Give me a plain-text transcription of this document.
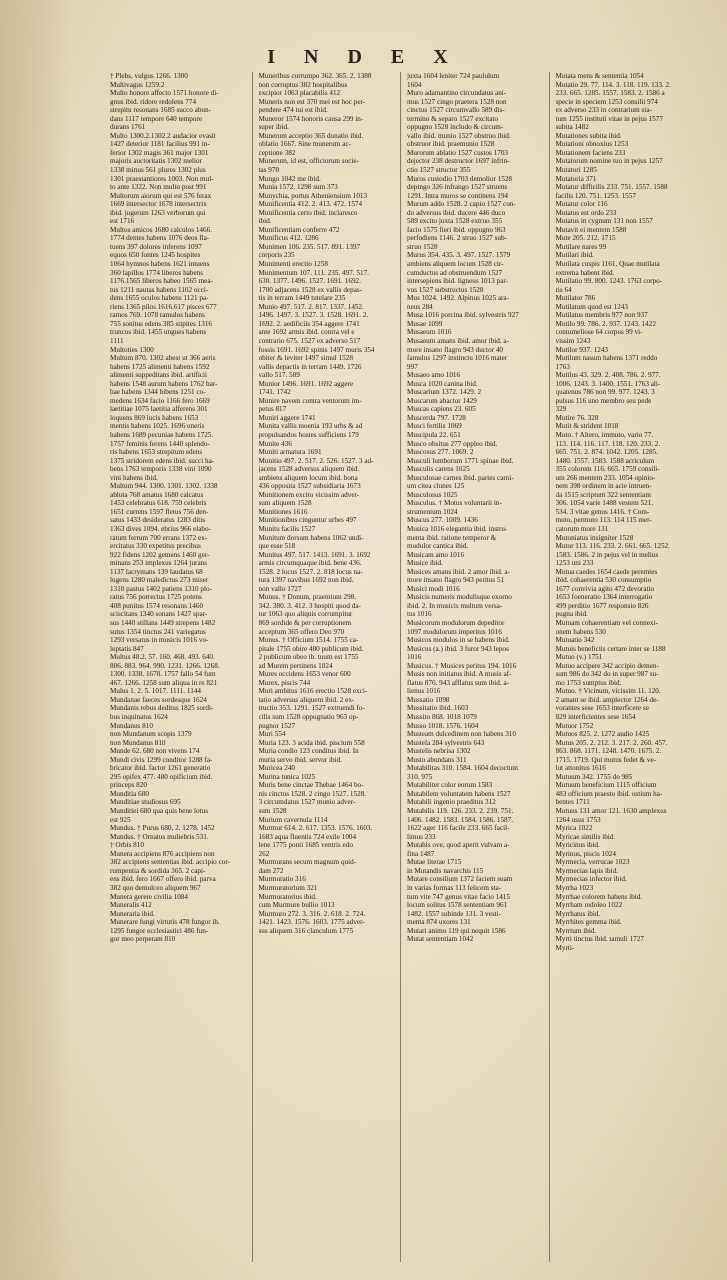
I N D E X
† Plebs, vulgus 1266. 1300
Multivagus 1259.2
Multo honore affecto 1571 honore di-
gnus ibid. ridore redolens 774
strepitu resonans 1685 succo abun-
dans 1117 tempore 640 tempore
durans 1761
Multo 1300.2.1302.2 audacior evasit
1427 deterior 1181 facilius 991 in-
ferior 1302 magis 361 major 1301
majoris auctoritatis 1302 melior
1338 minus 561 plures 1302 plus
1301 praestantiores 1003. Non mul-
to ante 1322. Non multo post 991
Multorum aiorum qui est 576 ferax
1669 intersector 1678 intersectrix
ibid. jugerum 1263 verborum qui
est 1716
Multos amicos 1680 calculos 1466.
1774 dentes habens 1076 deos fla-
tuens 397 dolores inferens 1097
equos 650 fontes 1245 hospites
1064 hymnos habens 1621 intuens
360 lapillos 1774 liberos habens
1176.1565 liberos habeo 1565 mea-
tus 1211 nautas habens 1102 occi-
dens 1655 oculos habens 1121 pa-
riens 1365 pilos 1616.617 pisces 677
ramos 769. 1078 ramulos habens
755 sonitus edens 385 stipites 1316
truncos ibid. 1455 ungues habens
1111
Multoties 1300
Multum 870. 1302 abest ut 366 aeris
habens 1725 alimenti habens 1592
alimenti suppeditans ibid. artificii
habens 1548 aurum habens 1762 bar-
bae habens 1344 bibens 1251 co-
medens 1634 facio 1166 fero 1669
laetitiae 1075 laetitia afferens 301
loquens 869 lucis habens 1653
mentis habens 1025. 1696 oneris
habens 1689 pecuniae habens 1725.
1757 feminis ferens 1440 splendo-
ris habens 1653 strepitum edens
1375 stridorem edens ibid. succi ha-
bens 1763 temporis 1338 vini 1090
vini habens ibid.
Multum 944. 1300. 1301. 1302. 1338
abluta 768 amatus 1680 calcatus
1453 celebratus 618. 759 celebris
1651 currens 1597 fletus 756 den-
satus 1433 desideratus 1283 ditis
1363 dives 1094. ebrius 966 elabo-
ratum ferrum 700 errans 1372 ex-
ercitatus 330 expetitus precibus
922 fidens 1202 gemens 1460 ger-
minans 253 implexus 1264 jurans
1137 lacrymans 139 laudatus 68
lugens 1280 maledictus 273 miser
1310 pastus 1402 patiens 1310 plo-
ratus 756 porrectus 1725 potens
408 punitus 1574 resonans 1460
sciscitans 1340 sonans 1427 spar-
sus 1440 stillans 1449 strepens 1482
sutus 1354 tinctus 241 variegatus
1293 versatus in musicis 1016 vo-
luptatis 847
Multus 48.2. 57. 160. 468. 493. 640.
806. 883. 964. 990. 1231. 1266. 1268.
1300. 1338. 1678. 1757 fallo 54 fum
467. 1266. 1258 sum aliqua in re 821
Mulus 1. 2. 5. 1017. 1111. 1144
Mundanae faeces sordesque 1624
Mundanis rebus deditus 1825 sordi-
bus inquinatus 1624
Mundanus 810
non Mundanum scopis 1379
non Mundanus 810
Munde 62. 680 non vivens 174
Mundi civis 1299 conditor 1288 fa-
bricator ibid. factor 1261 generatio
295 opifex 477. 480 opificium ibid.
princeps 820
Munditia 680
Munditiae studiosus 695
Munditiei 680 qua quis bene lotus
est 925
Mundus. † Purus 680, 2. 1278. 1452
Mundus. † Ornatus muliebris 531.
† Orbis 810
Munera accipiens 876 accipiens non
382 accipiens sententias ibid. accipio cor-
rumpentia & sordida 365. 2 capi-
ens ibid. fero 1667 offero ibid. parva
382 quo demulceo aliquem 967
Munera gerere civilia 1084
Muneralis 412
Muneraria ibid.
Munerare fungi virtutis 478 fungor ib.
1295 fungor ecclesiastici 486 fun-
gor meo perperam 810
Muneribus corrumpo 362. 365. 2. 1388
non corruptus 382 hospitalibus
excipior 1063 placabilis 412
Muneris non est 370 mei est hoc per-
pendere 474 tui est ibid.
Muneror 1574 honoris causa 299 in-
super ibid.
Munerum acceptio 365 donatio ibid.
oblatio 1667. Sine munerum ac-
ceptione 382
Munerum, id est, officiorum socie-
tas 970
Mungo 1042 me ibid.
Munia 1572. 1298 sum 373
Munychia, portus Atheniensium 1013
Munificentia 412. 2. 413. 472. 1574
Munificentia certo ibid. inclaresco
ibid.
Munificentiam conferre 472
Munificus 412. 1286
Munimen 106. 235. 517. 891. 1397
corporis 235
Munimenti erectio 1258
Munimentum 107. 111. 235. 497. 517.
630. 1377. 1496. 1527. 1691. 1692.
1700 adjacens 1528 ex vallis depas-
tis in terram 1449 tutelare 235
Munio 497. 517. 2. 817. 1337. 1452.
1496. 1497. 3. 1527. 3. 1528. 1691. 2.
1692. 2. aedificiis 354 aggere 1741
ante 1692 armis ibid. contra vel e
contrario 675. 1527 ex adverso 517
fossis 1691. 1692 spinis 1497 muris 354
obiter & leviter 1497 simul 1528
vallis depactis in terram 1449. 1726
vallo 517. 589
Munior 1496. 1691. 1692 aggere
1741. 1742
Munire navem contra ventorum im-
petus 817
Muniri aggere 1741
Munita vallis moenia 193 urbs & ad
propulsandos hostes sufficiens 179
Munite 436
Muniti armatura 1691
Munitio 497. 2. 517. 2. 526. 1527. 3 ad-
jacens 1528 adversus aliquem ibid.
ambiens aliquem locum ibid. bona
436 opposita 1527 subsidiaria 1673
Munitionem excito vicissim adver-
sum aliquem 1528
Munitiones 1616
Munitionibus cinguntur urbes 497
Munitu facilis 1527
Munitum dorsum habens 1062 undi-
que esse 518
Munitus 497. 517. 1413. 1691. 3. 1692
armis circumquaque ibid. bene 436.
1528. 2 locus 1527. 2. 818 locus na-
tura 1397 navibus 1692 non ibid.
non vallo 1727
Munus. † Donum, praemium 298.
342. 380. 3. 412. 3 hospiti quod da-
tur 1063 quo aliquis corrumpitur
869 sordide & per corruptionem
acceptum 365 offero Deo 970
Munus. † Officium 1514. 1755 ca-
pitale 1755 obire 480 publicum ibid.
2 publicum obeo ib. tuum est 1755
ad Murem pertinens 1024
Mures occidens 1653 venor 600
Murex, piscis 744
Muri ambitus 1616 erectio 1528 exci-
tatio adversus aliquem ibid. 2 ex-
tructio 353. 1291. 1527 extruendi fo-
cilis sum 1528 oppugnatio 963 op-
pugnor 1527
Muri 554
Muria 123. 3 acida ibid. piscium 558
Muria condio 123 conditus ibid. In
muria servo ibid. servor ibid.
Muricea 240
Murina tunica 1025
Muris bene cinctae Thebae 1464 bo-
nis cinctus 1528. 2 cingo 1527. 1528.
3 circumdatus 1527 munio adver-
sum 1528
Murium cavernula 1114
Murmur 614. 2. 617. 1353. 1576. 1603.
1683 aqua fluentis 724 exile 1004
lene 1775 ponti 1685 ventris edo
262
Murmurans secum magnum quid-
dam 272
Murmuratio 316
Murmuratorium 321
Murmuratorius ibid.
cum Murmure bullio 1013
Murmuro 272. 3. 316. 2. 618. 2. 724.
1421. 1423. 1576. 1603. 1775 adver-
sus aliquem 316 clanculum 1775
juxta 1604 leniter 724 paululum
1604
Muro adamantino circundatus ani-
mus 1527 cingo praetera 1528 non
cinctus 1527 circumvallo 589 dis-
termino & separo 1527 excitato
oppugno 1528 includo & circum-
vallo ibid. munio 1527 obstruo ibid.
obstruor ibid. praemunio 1528
Murorum ablatio 1527 custos 1703
dejector 238 destructor 1697 infrin-
ctio 1527 structor 355
Muros custodio 1703 demolior 1528
depingo 326 infrango 1527 struens
1291. Intra muros se continens 194
Murum addo 1528. 2 capio 1527 con-
do adversus ibid. ducere 446 duco
589 excito juxta 1528 extruo 355
facio 1575 fieri ibid. oppugno 963
perfodiens 1146. 2 struo 1527 sub-
struo 1528
Murus 354. 435. 3. 497. 1527. 1579
ambiens aliquem locum 1528 cir-
cumductus ad obstruendum 1527
intersepiens ibid. ligneus 1013 par-
vus 1527 substructus 1528
Mus 1024. 1492. Alpinus 1025 ara-
neus 284
Musa 1016 porcina ibid. sylvestris 927
Musae 1099
Musaeum 1016
Musaeum amans ibid. amor ibid. a-
more insano flagro 943 ductor 40
famulus 1297 instinctu 1016 mater
997
Musaeo amo 1016
Musca 1020 canina ibid.
Muscarium 1372. 1429. 2
Muscarum abactor 1429
Muscas capiens 23. 605
Muscerda 797. 1728
Musci fertilis 1069
Muscipula 22. 651
Musco obsitus 277 oppleo ibid.
Muscosus 277. 1069. 2
Musculi lumborum 1771 spinae ibid.
Musculis carens 1025
Musculosae carnes ibid. partes carni-
um citea clunes 125
Musculosus 1025
Musculus. † Motus voluntarii in-
strumentum 1024
Muscus 277. 1009. 1436
Musica 1016 elegantia ibid. instru-
menta ibid. ratione temperor &
modulor cantica ibid.
Musicam amo 1016
Musice ibid.
Musices amans ibid. 2 amor ibid. a-
more insano flagro 943 peritus 51
Musici modi 1016
Musicis numeris modulisque exorno
ibid. 2. In musicis multum versa-
tus 1016
Musicorum modulorum depeditor
1097 modulorum imperitus 1016
Musicos modulos in se habens ibid.
Musicus (a.) ibid. 3 furor 943 lepos
1016
Musicus. † Musices peritus 194. 1016
Musis non initiatus ibid. A musis af-
flatus 876. 943 afflatus sum ibid. a-
lienus 1016
Mussatio 1098
Mussitatio ibid. 1603
Mussito 868. 1018 1079
Musso 1018. 1576. 1604
Musteam dulcedinem non habens 310
Mustela 284 sylvestris 643
Mustelis nebrisa 1302
Musto abundans 311
Mutabilitas 310. 1584. 1604 decoctum
310. 975
Mutabiliter color eorum 1583
Mutabilem voluntatem habens 1527
Mutabili ingenio praeditus 312
Mutabilis 119. 126. 233. 2. 239. 751.
1406. 1482. 1583. 1584. 1586. 1587.
1622 ager 116 facile 233. 665 facil-
limus 233
Mutabis ove, quod aperit vulvam a-
fina 1487
Mutae literae 1715
in Mutandis navarchis 115
Mutare consilium 1372 faciem suam
in varias formas 113 felicem sta-
tum vite 747 genus vitae facio 1415
locum solitus 1578 sententiam 961
1482. 1557 subinde 131. 3 vesti-
menta 874 uxores 131
Mutari animo 119 qui nequit 1586
Mutat sententiam 1042
Mutata mens & sententia 1054
Mutatio 29. 77. 114. 3. 118. 119. 133. 2.
233. 665. 1285. 1557. 1583. 2. 1586 a
specie in speciem 1253 consilii 974
ex adverso 233 in contrarium sta-
tum 1255 instituti vitae in pejus 1577
subita 1482
Mutationes subita ibid.
Mutationi obnoxius 1253
Mutationem faciens 233
Mutatorum nomine tuo in pejus 1257
Mutatori 1285
Mutatoria 371
Mutatur difficilis 233. 751. 1557. 1588
facilis 120. 751. 1253. 1557
Mutatur color 116
Mutatus est ordo 233
Mutatus in cygnum 131 non 1557
Mutavit ei mentem 1588
Mute 205. 212. 1715
Mutilare nares 99
Mutilari ibid.
Mutilata cuspis 1161. Quae mutilata
extrema habent ibid.
Mutilatio 99. 800. 1243. 1763 corpo-
ris 64
Mutilator 786
Mutilatum quod est 1243
Mutilatus membris 977 non 937
Mutilo 99. 786. 2. 937. 1243. 1422
contumeliose 64 corpus 99 vi-
vissim 1243
Mutilor 937. 1243
Mutilum nasum habens 1371 reddo
1763
Mutilus 43. 329. 2. 408. 786. 2. 977.
1006. 1243. 3. 1400. 1551. 1763 ali-
quatenus 786 non 99. 977. 1243. 3
pulsus 116 uno membro seu pede
329
Mutire 76. 328
Mutit & strident 1018
Muto. † Altero, immuto, vario 77.
113. 114. 116. 117. 118. 120. 233. 2.
665. 751. 2. 874. 1042. 1205. 1285.
1480. 1557. 1583. 1588 acriculum
355 colorem 116. 665. 1759 consili-
um 266 mentem 233. 1054 opinio-
nem 398 ordinem in acie intruen-
da 1515 scriptum 322 sententiam
306. 1054 varie 1488 vestem 521.
534. 3 vitae genus 1416. † Com-
muto, permuto 113. 114 115 mer-
catorum more 131
Mutoniatus insigniter 1528
Mutor 113. 116. 233. 2. 661. 665. 1252.
1583. 1586. 2 in pejus vel in melius
1253 uni 233
Mutua caedes 1654 caede peremtes
ibid. cohaerentia 530 consumptio
1677 convivia agito 472 devoratio
1653 foeneratio 1364 interrogatio
499 perditio 1677 responsio 826
pugna ibid.
Mutuam cohaerentiam vel connexi-
onem habens 530
Mutuatio 342
Mutuis beneficiis certare inter se 1188
Mutuo (v.) 1751
Mutuo accipere 342 accipio demen-
sum 986 do 342 do in super 987 su-
mo 1753 sumptus ibid.
Mutuo. † Vicinum, vicissim 11. 120.
2 amant se ibid. amplector 1264 de-
vorantes sese 1653 interficere se
829 interficientes sese 1654
Mutuor 1752
Mutuos 825. 2. 1272 audio 1425
Mutus 205. 2. 212. 3. 217. 2. 260. 457.
863. 868. 1171. 1248. 1470. 1675. 2.
1715. 1719. Qui mutus fedet & ve-
lut attonitus 1616
Mutuum 342. 1755 do 985
Mutuum beneficium 1115 officium
483 officium praesto ibid. ostium ha-
bentes 1711
Mutuus 131 amor 121. 1630 amplexus
1264 usus 1753
Myrica 1022
Myricae similis ibid.
Myricinus ibid.
Myrinus, piscis 1024
Myrmecia, verrucae 1023
Myrmecias lapis ibid.
Myrmecias infector ibid.
Myrrha 1023
Myrrhae colorem habens ibid.
Myrrham redoleo 1022
Myrrhatus ibid.
Myrrhites gemma ibid.
Myrrtum ibid.
Myrti tinctus ibid. tamuli 1727
Myrti-
